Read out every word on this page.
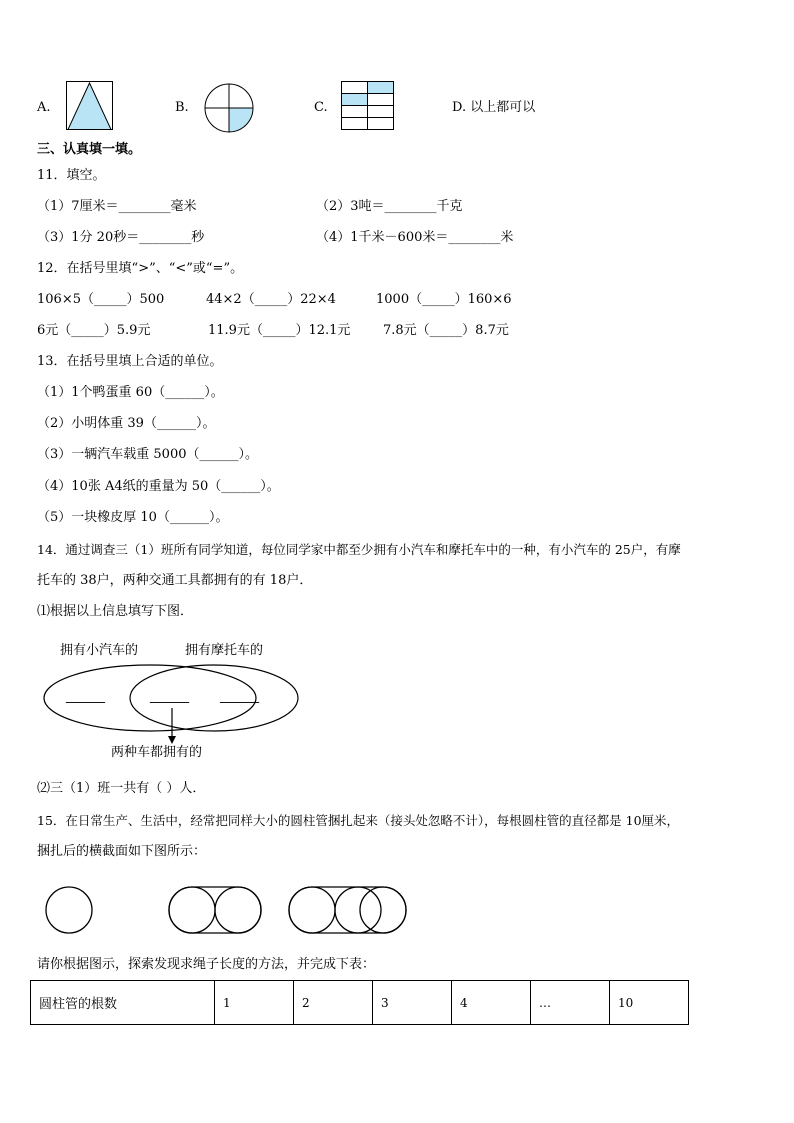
A.	B.	C.	D. 以上都可以
三、认真填一填。
11．填空。
（1）7厘米＝________毫米	（2）3吨＝________千克
（3）1分 20秒＝________秒	（4）1千米－600米＝________米
12．在括号里填“>”、“<”或“=”。
106×5（_____）500	44×2（_____）22×4	1000（_____）160×6
6元（_____）5.9元	11.9元（_____）12.1元	7.8元（_____）8.7元
13．在括号里填上合适的单位。
（1）1个鸭蛋重 60（______）。
（2）小明体重 39（______）。
（3）一辆汽车载重 5000（______）。
（4）10张 A4纸的重量为 50（______）。
（5）一块橡皮厚 10（______）。
14．通过调查三（1）班所有同学知道，每位同学家中都至少拥有小汽车和摩托车中的一种，有小汽车的 25户，有摩
托车的 38户，两种交通工具都拥有的有 18户．
⑴根据以上信息填写下图．
拥有小汽车的	拥有摩托车的
______	______ ______
两种车都拥有的
⑵三（1）班一共有（ ）人．
15．在日常生产、生活中，经常把同样大小的圆柱管捆扎起来（接头处忽略不计），每根圆柱管的直径都是 10厘米，
捆扎后的横截面如下图所示：
请你根据图示，探索发现求绳子长度的方法，并完成下表：
圆柱管的根数	1	2	3	4	…	10
